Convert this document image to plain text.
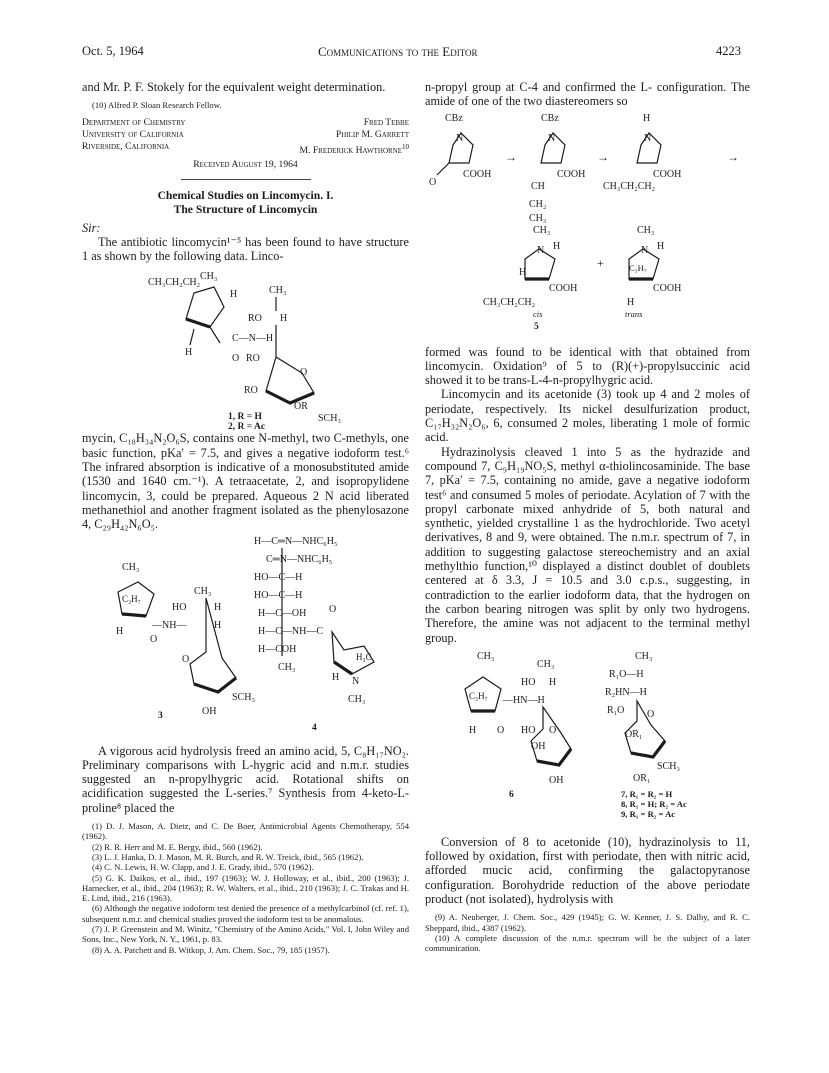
Oct. 5, 1964	Communications to the Editor	4223

and Mr. P. F. Stokely for the equivalent weight determination.

(10) Alfred P. Sloan Research Fellow.

Department of Chemistry	Fred Tebbe
University of California	Philip M. Garrett
Riverside, California	M. Frederick Hawthorne$^{10}$
Received August 19, 1964
Chemical Studies on Lincomycin. I.
The Structure of Lincomycin

Sir:

The antibiotic lincomycin¹⁻⁵ has been found to have structure 1 as shown by the following data. Linco-

CH₃CH₂CH₂
CH₃
H
H
CH₃
RO H
C—N—H
O RO
O
RO
OR
SCH₃
1, R = H
2, R = Ac

mycin, C₁₈H₃₄N₂O₆S, contains one N-methyl, two C-methyls, one basic function, pKa′ = 7.5, and gives a negative iodoform test.⁶ The infrared absorption is indicative of a monosubstituted amide (1530 and 1640 cm.⁻¹). A tetraacetate, 2, and isopropylidene lincomycin, 3, could be prepared. Aqueous 2 N acid liberated methanethiol and another fragment isolated as the phenylosazone 4, C₂₉H₄₂N₆O₅.

CH₃
C₃H₇
H
CH₃
HO	H
—NH—	H
O
O
SCH₃
OH
3
H—C═N—NHC₆H₅
C═N—NHC₆H₅
HO—C—H
HO—C—H
H—C—OH
H—C—NH—C
H—COH
CH₃
O
H₃C
H N
CH₃
4

A vigorous acid hydrolysis freed an amino acid, 5, C₈H₁₇NO₂. Preliminary comparisons with L-hygric acid and n.m.r. studies suggested an n-propylhygric acid. Rotational shifts on acidification suggested the L-series.⁷ Synthesis from 4-keto-L-proline⁸ placed the

(1) D. J. Mason, A. Dietz, and C. De Boer, Antimicrobial Agents Chemotherapy, 554 (1962).

(2) R. R. Herr and M. E. Bergy, ibid., 560 (1962).

(3) L. J. Hanka, D. J. Mason, M. R. Burch, and R. W. Treick, ibid., 565 (1962).

(4) C. N. Lewis, H. W. Clapp, and J. E. Grady, ibid., 570 (1962).

(5) G. K. Daikos, et al., ibid., 197 (1963); W. J. Holloway, et al., ibid., 200 (1963); J. Harnecker, et al., ibid., 204 (1963); R. W. Walters, et al., ibid., 210 (1963); J. C. Trakas and H. E. Lind, ibid., 216 (1963).

(6) Although the negative iodoform test denied the presence of a methylcarbinol (cf. ref. 1), subsequent n.m.r. and chemical studies proved the iodoform test to be anomalous.

(7) J. P. Greenstein and M. Winitz, "Chemistry of the Amino Acids," Vol. I, John Wiley and Sons, Inc., New York, N. Y., 1961, p. 83.

(8) A. A. Patchett and B. Witkop, J. Am. Chem. Soc., 79, 185 (1957).

n-propyl group at C-4 and confirmed the L- configuration. The amide of one of the two diastereomers so

CBz
N
O
COOH
→
CBz
N
COOH
CH
CH₂
CH₃
→
H
N
COOH
CH₃CH₂CH₂
→
CH₃
N H
H
COOH
CH₃CH₂CH₂
cis
5
+
CH₃
N H
C₃H₇
COOH
H
trans

formed was found to be identical with that obtained from lincomycin. Oxidation⁹ of 5 to (R)(+)-propylsuccinic acid showed it to be trans-L-4-n-propylhygric acid.

Lincomycin and its acetonide (3) took up 4 and 2 moles of periodate, respectively. Its nickel desulfurization product, C₁₇H₃₂N₂O₆, 6, consumed 2 moles, liberating 1 mole of formic acid.

Hydrazinolysis cleaved 1 into 5 as the hydrazide and compound 7, C₉H₁₉NO₅S, methyl α-thiolincosaminide. The base 7, pKa′ = 7.5, containing no amide, gave a negative iodoform test⁶ and consumed 5 moles of periodate. Acylation of 7 with the propyl carbonate mixed anhydride of 5, both natural and synthetic, yielded crystalline 1 as the hydrochloride. Two acetyl derivatives, 8 and 9, were obtained. The n.m.r. spectrum of 7, in addition to suggesting galactose stereochemistry and an axial methylthio function,¹⁰ displayed a distinct doublet of doublets centered at δ 3.3, J = 10.5 and 3.0 c.p.s., suggesting, in contradiction to the earlier iodoform data, that the hydrogen on the carbon bearing nitrogen was split by only two hydrogens. Therefore, the amine was not adjacent to the terminal methyl group.

CH₃
C₃H₇
H
CH₃
HO H
—HN—H
O HO O
OH
OH
6
CH₃
R₁O—H
R₂HN—H
R₁O O
OR₁
SCH₃
OR₁
7, R₁ = R₂ = H
8, R₁ = H; R₂ = Ac
9, R₁ = R₂ = Ac

Conversion of 8 to acetonide (10), hydrazinolysis to 11, followed by oxidation, first with periodate, then with nitric acid, afforded mucic acid, confirming the galactopyranose configuration. Borohydride reduction of the above periodate product (not isolated), hydrolysis with

(9) A. Neuberger, J. Chem. Soc., 429 (1945); G. W. Kenner, J. S. Dalby, and R. C. Sheppard, ibid., 4387 (1962).

(10) A complete discussion of the n.m.r. spectrum will be the subject of a later communication.
